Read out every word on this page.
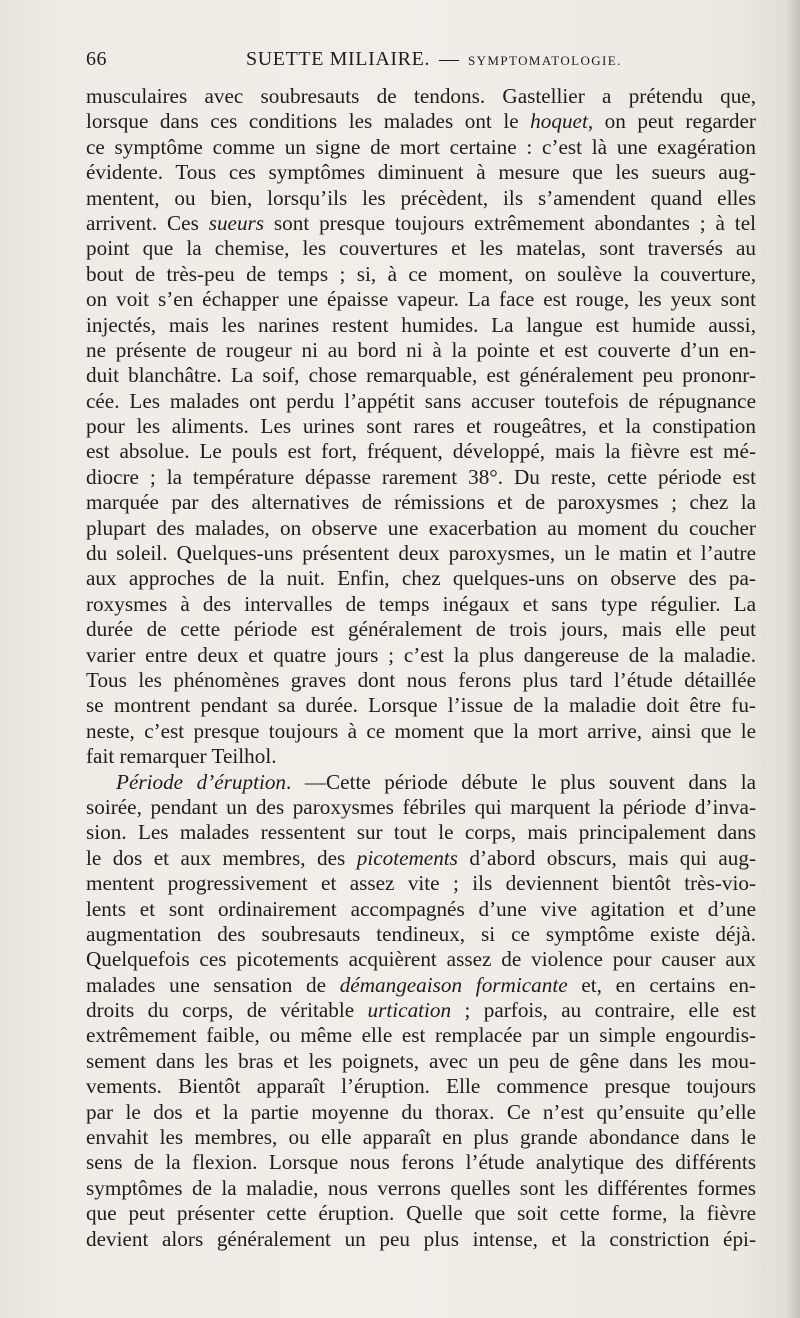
66	SUETTE MILIAIRE. — SYMPTOMATOLOGIE.
musculaires avec soubresauts de tendons. Gastellier a prétendu que,
lorsque dans ces conditions les malades ont le hoquet, on peut regarder
ce symptôme comme un signe de mort certaine : c’est là une exagération
évidente. Tous ces symptômes diminuent à mesure que les sueurs aug-
mentent, ou bien, lorsqu’ils les précèdent, ils s’amendent quand elles
arrivent. Ces sueurs sont presque toujours extrêmement abondantes ; à tel
point que la chemise, les couvertures et les matelas, sont traversés au
bout de très-peu de temps ; si, à ce moment, on soulève la couverture,
on voit s’en échapper une épaisse vapeur. La face est rouge, les yeux sont
injectés, mais les narines restent humides. La langue est humide aussi,
ne présente de rougeur ni au bord ni à la pointe et est couverte d’un en-
duit blanchâtre. La soif, chose remarquable, est généralement peu prononr-
cée. Les malades ont perdu l’appétit sans accuser toutefois de répugnance
pour les aliments. Les urines sont rares et rougeâtres, et la constipation
est absolue. Le pouls est fort, fréquent, développé, mais la fièvre est mé-
diocre ; la température dépasse rarement 38°. Du reste, cette période est
marquée par des alternatives de rémissions et de paroxysmes ; chez la
plupart des malades, on observe une exacerbation au moment du coucher
du soleil. Quelques-uns présentent deux paroxysmes, un le matin et l’autre
aux approches de la nuit. Enfin, chez quelques-uns on observe des pa-
roxysmes à des intervalles de temps inégaux et sans type régulier. La
durée de cette période est généralement de trois jours, mais elle peut
varier entre deux et quatre jours ; c’est la plus dangereuse de la maladie.
Tous les phénomènes graves dont nous ferons plus tard l’étude détaillée
se montrent pendant sa durée. Lorsque l’issue de la maladie doit être fu-
neste, c’est presque toujours à ce moment que la mort arrive, ainsi que le
fait remarquer Teilhol.
Période d’éruption. —Cette période débute le plus souvent dans la
soirée, pendant un des paroxysmes fébriles qui marquent la période d’inva-
sion. Les malades ressentent sur tout le corps, mais principalement dans
le dos et aux membres, des picotements d’abord obscurs, mais qui aug-
mentent progressivement et assez vite ; ils deviennent bientôt très-vio-
lents et sont ordinairement accompagnés d’une vive agitation et d’une
augmentation des soubresauts tendineux, si ce symptôme existe déjà.
Quelquefois ces picotements acquièrent assez de violence pour causer aux
malades une sensation de démangeaison formicante et, en certains en-
droits du corps, de véritable urtication ; parfois, au contraire, elle est
extrêmement faible, ou même elle est remplacée par un simple engourdis-
sement dans les bras et les poignets, avec un peu de gêne dans les mou-
vements. Bientôt apparaît l’éruption. Elle commence presque toujours
par le dos et la partie moyenne du thorax. Ce n’est qu’ensuite qu’elle
envahit les membres, ou elle apparaît en plus grande abondance dans le
sens de la flexion. Lorsque nous ferons l’étude analytique des différents
symptômes de la maladie, nous verrons quelles sont les différentes formes
que peut présenter cette éruption. Quelle que soit cette forme, la fièvre
devient alors généralement un peu plus intense, et la constriction épi-
